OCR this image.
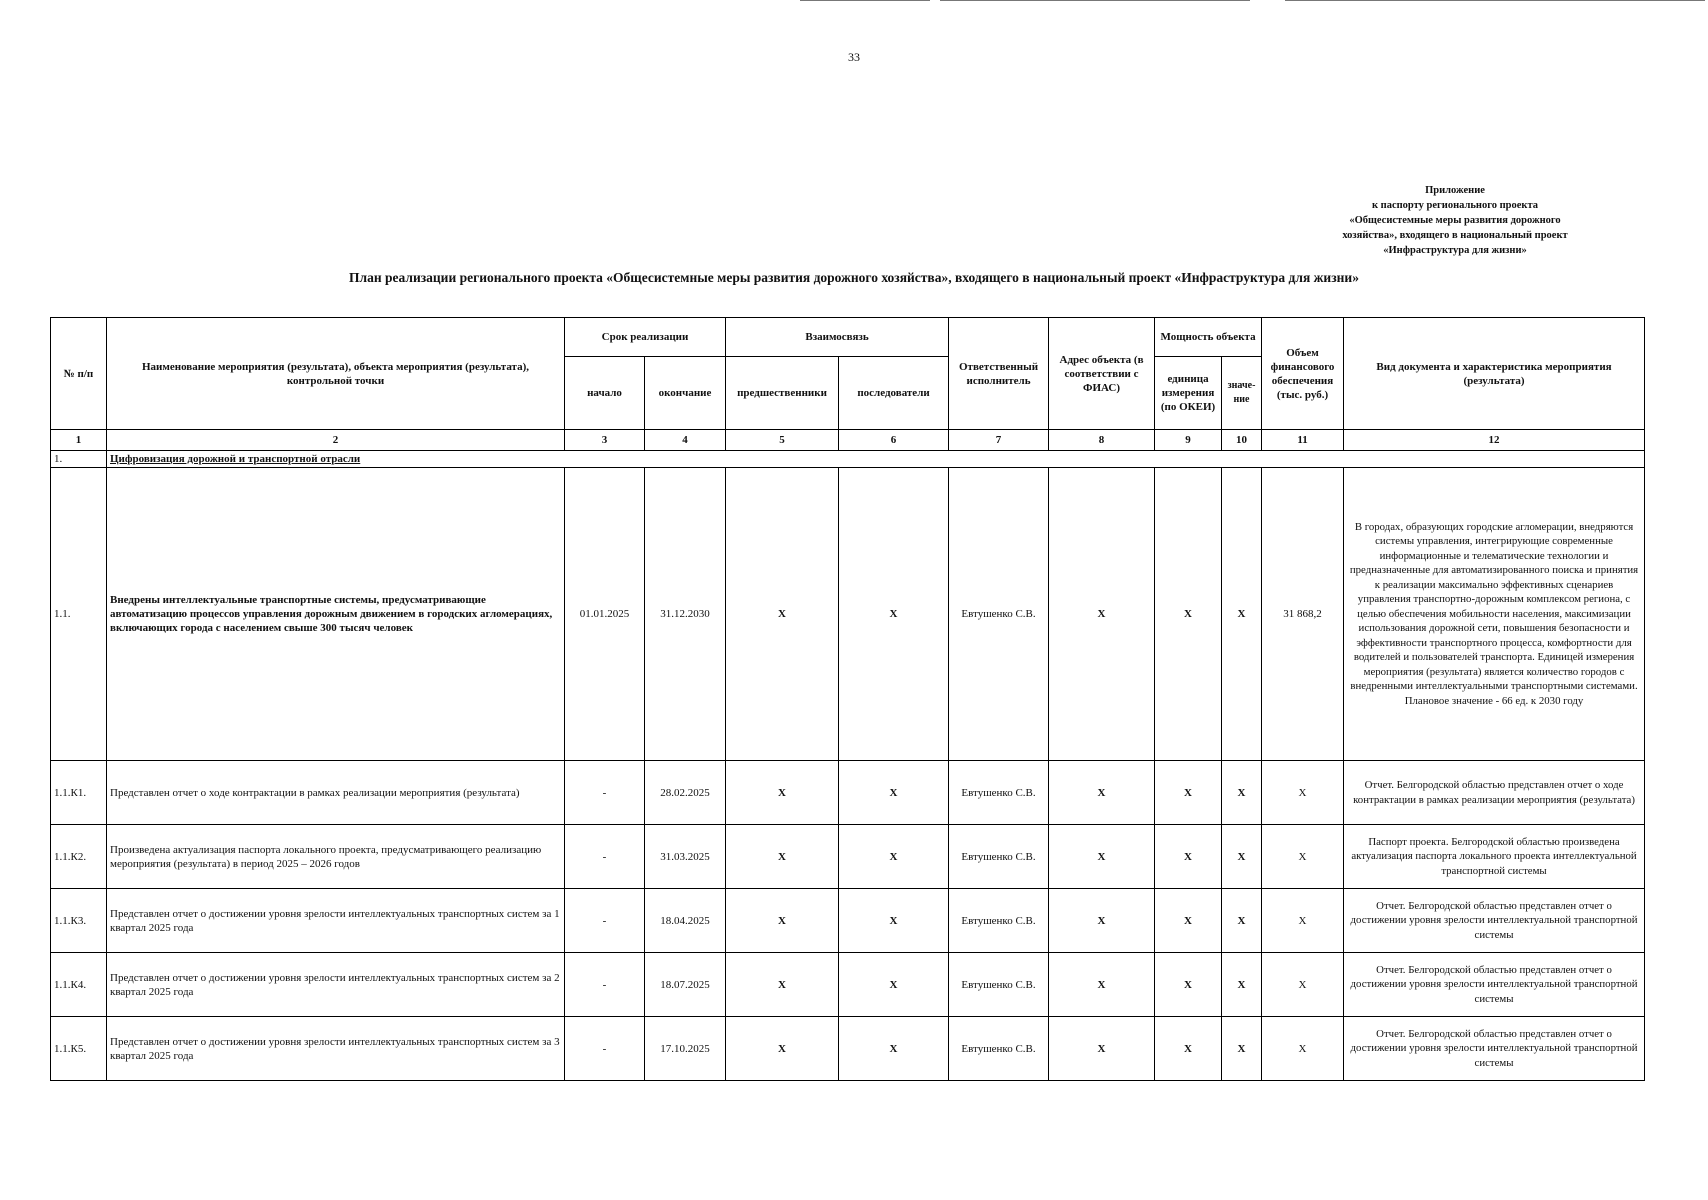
33
Приложение
к паспорту регионального проекта
«Общесистемные меры развития дорожного
хозяйства», входящего в национальный проект
«Инфраструктура для жизни»
План реализации регионального проекта «Общесистемные меры развития дорожного хозяйства», входящего в национальный проект «Инфраструктура для жизни»
№ п/п	Наименование мероприятия (результата), объекта мероприятия (результата), контрольной точки	Срок реализации		Взаимосвязь		Ответственный исполнитель	Адрес объекта (в соответствии с ФИАС)	Мощность объекта		Объем финансового обеспечения (тыс. руб.)	Вид документа и характеристика мероприятия (результата)
		начало	окончание	предшественники	последователи			единица измерения (по ОКЕИ)	значе-ние		
1	2	3	4	5	6	7	8	9	10	11	12
1.	Цифровизация дорожной и транспортной отрасли										
1.1.	Внедрены интеллектуальные транспортные системы, предусматривающие автоматизацию процессов управления дорожным движением в городских агломерациях, включающих города с населением свыше 300 тысяч человек	01.01.2025	31.12.2030	X	X	Евтушенко С.В.	X	X	X	31 868,2	В городах, образующих городские агломерации, внедряются системы управления, интегрирующие современные информационные и телематические технологии и предназначенные для автоматизированного поиска и принятия к реализации максимально эффективных сценариев управления транспортно-дорожным комплексом региона, с целью обеспечения мобильности населения, максимизации использования дорожной сети, повышения безопасности и эффективности транспортного процесса, комфортности для водителей и пользователей транспорта. Единицей измерения мероприятия (результата) является количество городов с внедренными интеллектуальными транспортными системами. Плановое значение - 66 ед. к 2030 году
1.1.К1.	Представлен отчет о ходе контрактации в рамках реализации мероприятия (результата)	-	28.02.2025	X	X	Евтушенко С.В.	X	X	X	X	Отчет. Белгородской областью представлен отчет о ходе контрактации в рамках реализации мероприятия (результата)
1.1.К2.	Произведена актуализация паспорта локального проекта, предусматривающего реализацию мероприятия (результата) в период 2025 – 2026 годов	-	31.03.2025	X	X	Евтушенко С.В.	X	X	X	X	Паспорт проекта. Белгородской областью произведена актуализация паспорта локального проекта интеллектуальной транспортной системы
1.1.К3.	Представлен отчет о достижении уровня зрелости интеллектуальных транспортных систем за 1 квартал 2025 года	-	18.04.2025	X	X	Евтушенко С.В.	X	X	X	X	Отчет. Белгородской областью представлен отчет о достижении уровня зрелости интеллектуальной транспортной системы
1.1.К4.	Представлен отчет о достижении уровня зрелости интеллектуальных транспортных систем за 2 квартал 2025 года	-	18.07.2025	X	X	Евтушенко С.В.	X	X	X	X	Отчет. Белгородской областью представлен отчет о достижении уровня зрелости интеллектуальной транспортной системы
1.1.К5.	Представлен отчет о достижении уровня зрелости интеллектуальных транспортных систем за 3 квартал 2025 года	-	17.10.2025	X	X	Евтушенко С.В.	X	X	X	X	Отчет. Белгородской областью представлен отчет о достижении уровня зрелости интеллектуальной транспортной системы
